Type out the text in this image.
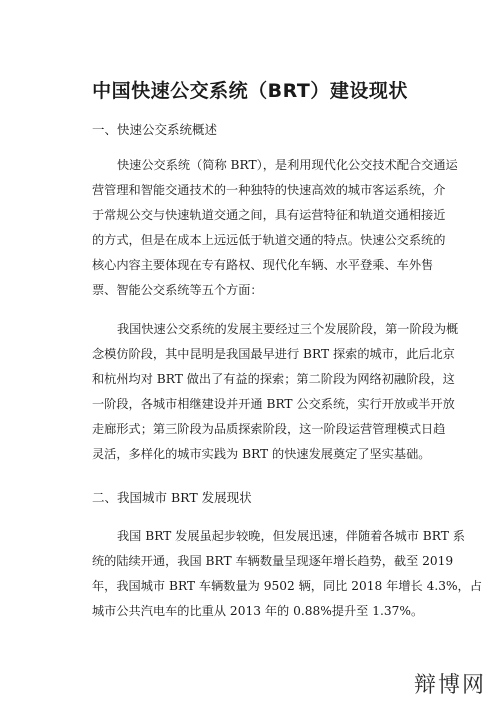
中国快速公交系统（BRT）建设现状
一、快速公交系统概述
快速公交系统（简称 BRT），是利用现代化公交技术配合交通运
营管理和智能交通技术的一种独特的快速高效的城市客运系统，介
于常规公交与快速轨道交通之间，具有运营特征和轨道交通相接近
的方式，但是在成本上远远低于轨道交通的特点。快速公交系统的
核心内容主要体现在专有路权、现代化车辆、水平登乘、车外售
票、智能公交系统等五个方面：
我国快速公交系统的发展主要经过三个发展阶段，第一阶段为概
念模仿阶段，其中昆明是我国最早进行 BRT 探索的城市，此后北京
和杭州均对 BRT 做出了有益的探索；第二阶段为网络初融阶段，这
一阶段，各城市相继建设并开通 BRT 公交系统，实行开放或半开放
走廊形式；第三阶段为品质探索阶段，这一阶段运营管理模式日趋
灵活，多样化的城市实践为 BRT 的快速发展奠定了坚实基础。
二、我国城市 BRT 发展现状
我国 BRT 发展虽起步较晚，但发展迅速，伴随着各城市 BRT 系
统的陆续开通，我国 BRT 车辆数量呈现逐年增长趋势，截至 2019
年，我国城市 BRT 车辆数量为 9502 辆，同比 2018 年增长 4.3%，占
城市公共汽电车的比重从 2013 年的 0.88%提升至 1.37%。
辩博网
